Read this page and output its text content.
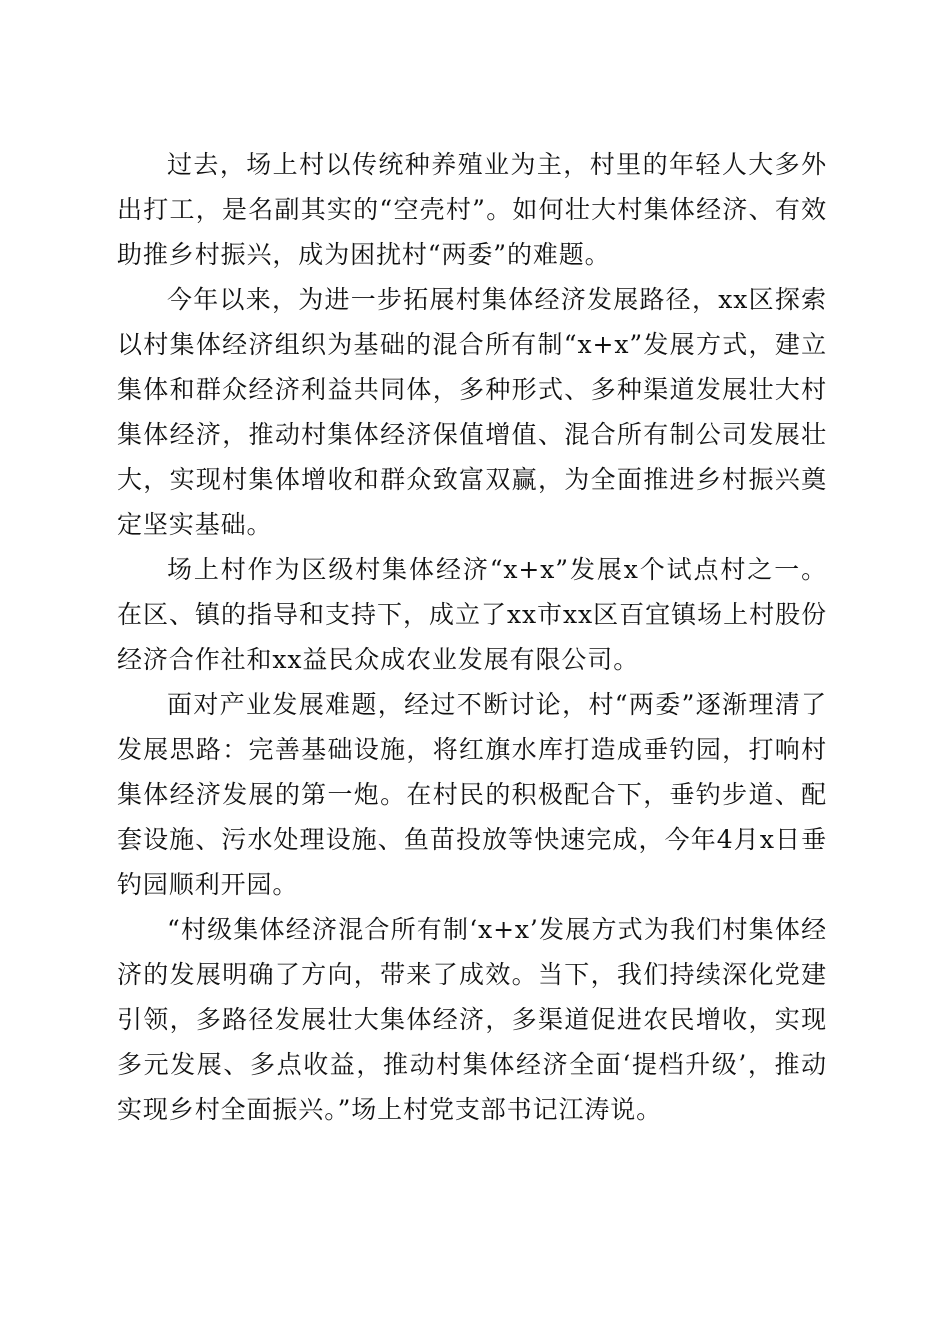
过去，场上村以传统种养殖业为主，村里的年轻人大多外出打工，是名副其实的“空壳村”。如何壮大村集体经济、有效助推乡村振兴，成为困扰村“两委”的难题。

今年以来，为进一步拓展村集体经济发展路径，xx区探索以村集体经济组织为基础的混合所有制“x+x”发展方式，建立集体和群众经济利益共同体，多种形式、多种渠道发展壮大村集体经济，推动村集体经济保值增值、混合所有制公司发展壮大，实现村集体增收和群众致富双赢，为全面推进乡村振兴奠定坚实基础。

场上村作为区级村集体经济“x+x”发展x个试点村之一。在区、镇的指导和支持下，成立了xx市xx区百宜镇场上村股份经济合作社和xx益民众成农业发展有限公司。

面对产业发展难题，经过不断讨论，村“两委”逐渐理清了发展思路：完善基础设施，将红旗水库打造成垂钓园，打响村集体经济发展的第一炮。在村民的积极配合下，垂钓步道、配套设施、污水处理设施、鱼苗投放等快速完成，今年4月x日垂钓园顺利开园。

“村级集体经济混合所有制‘x+x’发展方式为我们村集体经济的发展明确了方向，带来了成效。当下，我们持续深化党建引领，多路径发展壮大集体经济，多渠道促进农民增收，实现多元发展、多点收益，推动村集体经济全面‘提档升级’，推动实现乡村全面振兴。”场上村党支部书记江涛说。
